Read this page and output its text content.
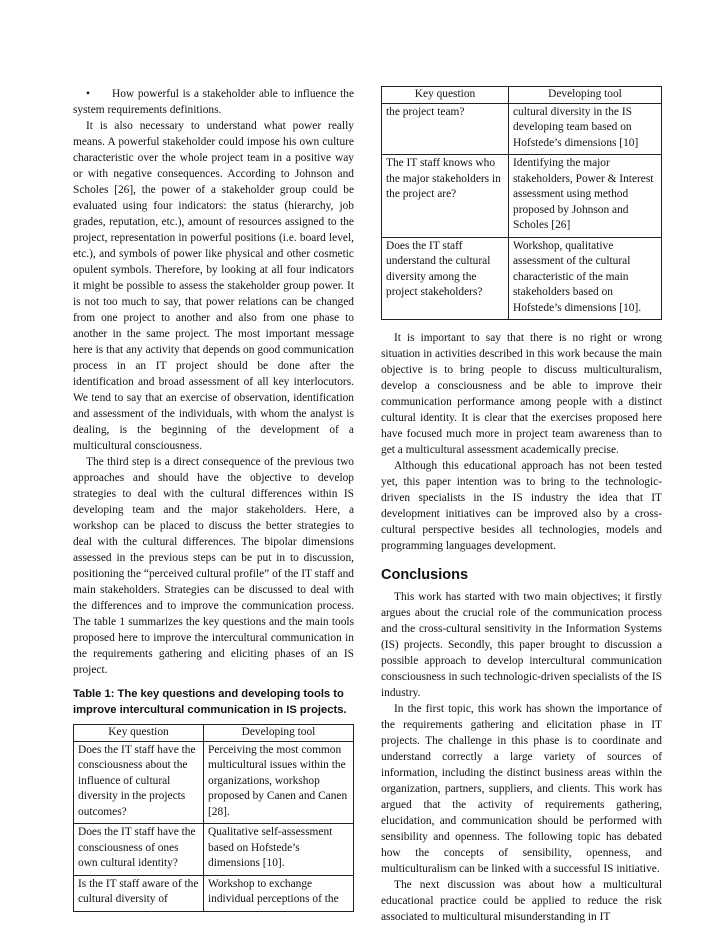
• How powerful is a stakeholder able to influence the system requirements definitions.

It is also necessary to understand what power really means. A powerful stakeholder could impose his own culture characteristic over the whole project team in a positive way or with negative consequences. According to Johnson and Scholes [26], the power of a stakeholder group could be evaluated using four indicators: the status (hierarchy, job grades, reputation, etc.), amount of resources assigned to the project, representation in powerful positions (i.e. board level, etc.), and symbols of power like physical and other cosmetic opulent symbols. Therefore, by looking at all four indicators it might be possible to assess the stakeholder group power. It is not too much to say, that power relations can be changed from one project to another and also from one phase to another in the same project. The most important message here is that any activity that depends on good communication process in an IT project should be done after the identification and broad assessment of all key interlocutors. We tend to say that an exercise of observation, identification and assessment of the individuals, with whom the analyst is dealing, is the beginning of the development of a multicultural consciousness.

The third step is a direct consequence of the previous two approaches and should have the objective to develop strategies to deal with the cultural differences within IS developing team and the major stakeholders. Here, a workshop can be placed to discuss the better strategies to deal with the cultural differences. The bipolar dimensions assessed in the previous steps can be put in to discussion, positioning the “perceived cultural profile” of the IT staff and main stakeholders. Strategies can be discussed to deal with the differences and to improve the communication process. The table 1 summarizes the key questions and the main tools proposed here to improve the intercultural communication in the requirements gathering and eliciting phases of an IS project.

Table 1: The key questions and developing tools to improve intercultural communication in IS projects.
Key question	Developing tool
Does the IT staff have the consciousness about the influence of cultural diversity in the projects outcomes?	Perceiving the most common multicultural issues within the organizations, workshop proposed by Canen and Canen [28].
Does the IT staff have the consciousness of ones own cultural identity?	Qualitative self-assessment based on Hofstede’s dimensions [10].
Is the IT staff aware of the cultural diversity of	Workshop to exchange individual perceptions of the
Key question	Developing tool
the project team?	cultural diversity in the IS developing team based on Hofstede’s dimensions [10]
The IT staff knows who the major stakeholders in the project are?	Identifying the major stakeholders, Power & Interest assessment using method proposed by Johnson and Scholes [26]
Does the IT staff understand the cultural diversity among the project stakeholders?	Workshop, qualitative assessment of the cultural characteristic of the main stakeholders based on Hofstede’s dimensions [10].

It is important to say that there is no right or wrong situation in activities described in this work because the main objective is to bring people to discuss multiculturalism, develop a consciousness and be able to improve their communication performance among people with a distinct cultural identity. It is clear that the exercises proposed here have focused much more in project team awareness than to get a multicultural assessment academically precise.

Although this educational approach has not been tested yet, this paper intention was to bring to the technologic-driven specialists in the IS industry the idea that IT development initiatives can be improved also by a cross-cultural perspective besides all technologies, models and programming languages development.

Conclusions

This work has started with two main objectives; it firstly argues about the crucial role of the communication process and the cross-cultural sensitivity in the Information Systems (IS) projects. Secondly, this paper brought to discussion a possible approach to develop intercultural communication consciousness in such technologic-driven specialists of the IS industry.

In the first topic, this work has shown the importance of the requirements gathering and elicitation phase in IT projects. The challenge in this phase is to coordinate and understand correctly a large variety of sources of information, including the distinct business areas within the organization, partners, suppliers, and clients. This work has argued that the activity of requirements gathering, elucidation, and communication should be performed with sensibility and openness. The following topic has debated how the concepts of sensibility, openness, and multiculturalism can be linked with a successful IS initiative.

The next discussion was about how a multicultural educational practice could be applied to reduce the risk associated to multicultural misunderstanding in IT
